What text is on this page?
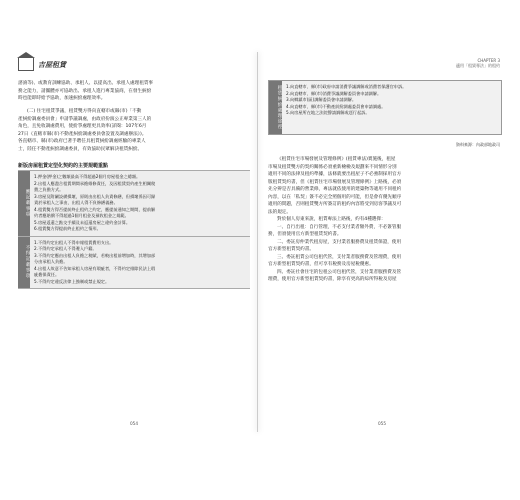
吉屋租賃

諮詢等)、或教育訓練協助、承租人、以提高出、承租人處理租賃事

務之能力，請團體亦可協助出、承租人進行專業協商，在發生糾紛

時也能即時給予協助，加速糾紛處理效率。

(二) 住宅租賃爭議，租賃雙方得向直轄市或縣(市)「不動

產糾紛調處委員會」申請爭議調處，由政府扮演公正專業第三人的

角色，且免收調處費用，使紛爭處理更具效率(詳閱：107年6月

27日《直轄市縣(市)不動產糾紛調處委員會設置及調處辦法》)。

各直轄市、縣(市)政府已著手聘任具租賃糾紛調處經驗的專業人

士，陸任不動產糾紛調處委員，有效協助民眾解決租賃糾紛。

新版房屋租賃定型化契約的主要規範重點
應記載事項
1.押金(押金)之數額最高不得超過2個月房屋租金之總額。
2.出租人應盡合租賃期間承擔維修責任，及因租賃契約產生相關稅
費之負擔方式。
3.房屋及附屬設備損壞，原則由出租人負責修繕，但損壞係因可歸
責於承租人之事由，出租人得不負修繕義務。
4.租賃雙方得否提前終止租約之約定，應提前通知之期間，提前解
約者應賠償不得超過1個月租金及預收租金之規範。
5.房屋返還之點交手續及未返還房屋之違約金計算。
6.租賃雙方得提前終止租約之情形。
不得記載事項
1.不得約定出租人不得申報租賃費用支出。
2.不得約定承租人不得遷入戶籍。
3.不得約定應由出租人負擔之稅賦，若較出租前增加時，其增加部
分由承租人負擔。
4.出租人故意不告知承租人房屋有瑕疵者，不得約定排除民法上瑕
疵擔保責任。
5.不得約定違反法律上強制或禁止規定。
054
CHAPTER 3
適用「租賃專法」的租約
租賃糾紛處理途徑 1.向直轄市、縣(市)政府申請消費爭議調解或消費者保護官申訴。
2.向直轄市、縣(市)消費爭議調解委員會申請調解。
3.向鄉鎮市(區)調解委員會申請調解。
4.向直轄市、縣(市)不動產糾紛調處委員會申請調處。
5.向房屋所在地之法院聲請調解或逕行起訴。
資料來源：內政部地政司

《租賃住宅市場發展及管理條例》(租賃專法)實施後，租屋

市場及租賃雙方的契約關係必須重新檢檢及規劃來不同情形分別

適用不同的法律及租約準據，法條就要出租屋子不必強制採用官方

版租賃契約書，但《租賃住宅市場發展及管理條例》上路後，必須

先分辨是否具備的營業條，專法就依使用的建築物等適用不同租約

內容，以在「私契」簽不必完全照個用的可能，但是會有優先順序

適用的問題，否則租賃雙方所簽訂的租約內容將受到房客爭議及可

法的規定。

對於個人房東來說，租賃專法上路後，約有4種選擇：

一、自行出租：自行管理，不必支付業者額外費，不必簽管服

務，但須使用官方新型租賃契約書。

二、委託房仲業代租房屋，支付業者服務費及租賃保證，使用

官方新型租賃契約書。

三、委託租賃公司包租代管，支付業者服務費及管理費，使用

官方新型租賃契約書，但可享有稅務及房屋稅優惠。

四、委託社會住宅的包租公司包租代管，支付業者服務費及管

理費，使用官方新型租賃契約書，除享有更高的綜所得稅及房屋

055
